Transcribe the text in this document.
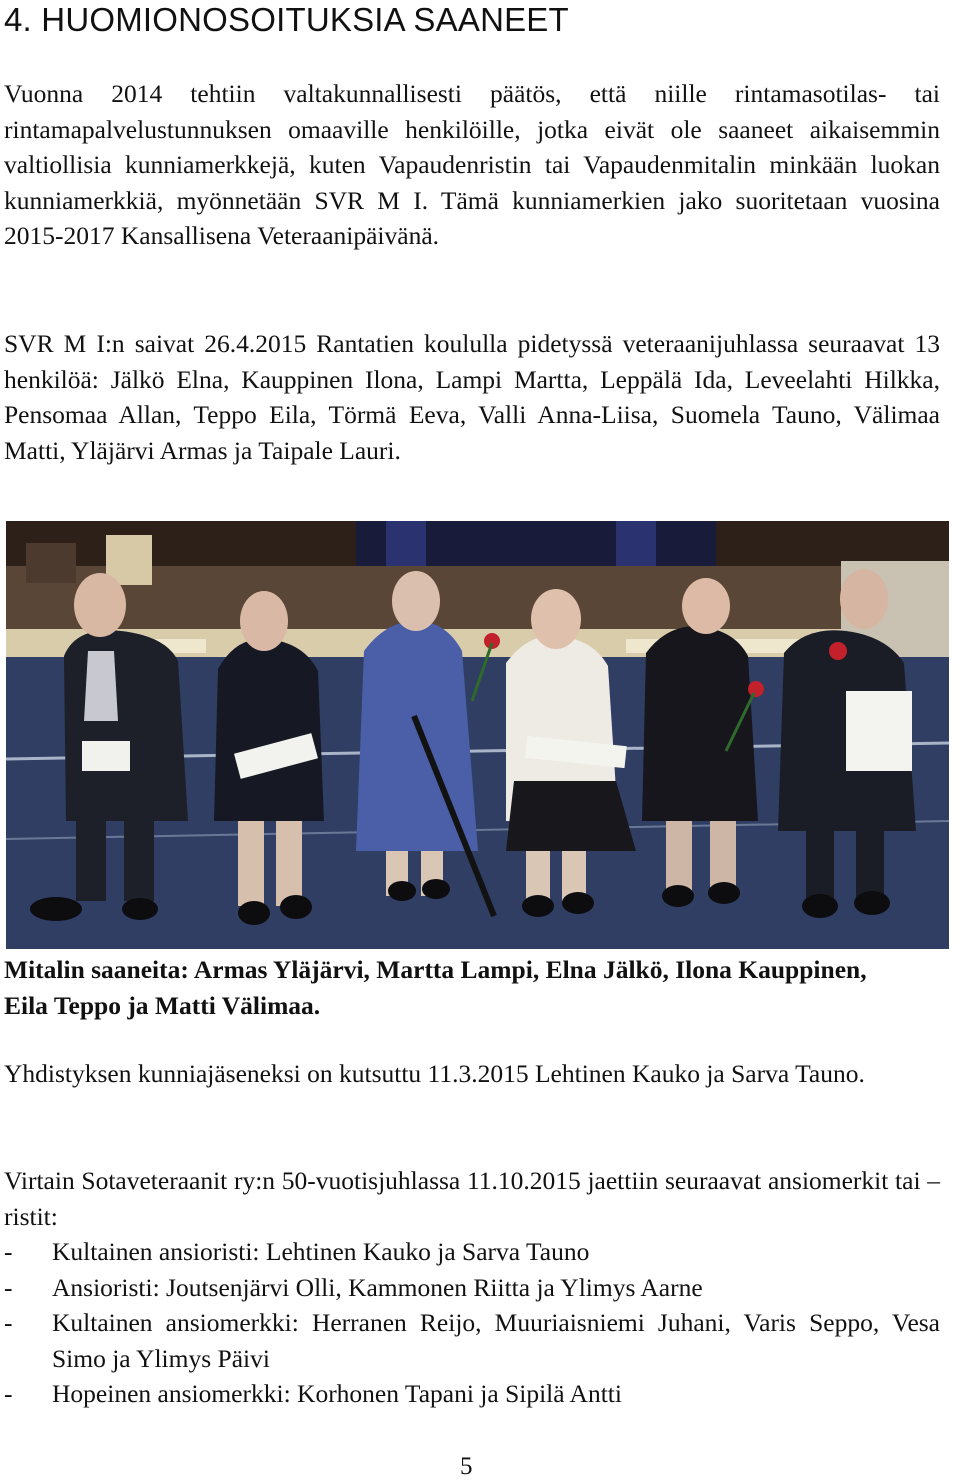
4. HUOMIONOSOITUKSIA SAANEET

Vuonna 2014 tehtiin valtakunnallisesti päätös, että niille rintamasotilas- tai rintamapalvelustunnuksen omaaville henkilöille, jotka eivät ole saaneet aikaisemmin valtiollisia kunniamerkkejä, kuten Vapaudenristin tai Vapaudenmitalin minkään luokan kunniamerkkiä, myönnetään SVR M I. Tämä kunniamerkien jako suoritetaan vuosina 2015-2017 Kansallisena Veteraanipäivänä.

SVR M I:n saivat 26.4.2015 Rantatien koululla pidetyssä veteraanijuhlassa seuraavat 13 henkilöä: Jälkö Elna, Kauppinen Ilona, Lampi Martta, Leppälä Ida, Leveelahti Hilkka, Pensomaa Allan, Teppo Eila, Törmä Eeva, Valli Anna-Liisa, Suomela Tauno, Välimaa Matti, Yläjärvi Armas ja Taipale Lauri.

Mitalin saaneita: Armas Yläjärvi, Martta Lampi, Elna Jälkö, Ilona Kauppinen, Eila Teppo ja Matti Välimaa.

Yhdistyksen kunniajäseneksi on kutsuttu 11.3.2015 Lehtinen Kauko ja Sarva Tauno.

Virtain Sotaveteraanit ry:n 50-vuotisjuhlassa 11.10.2015 jaettiin seuraavat ansiomerkit tai –ristit:

- Kultainen ansioristi: Lehtinen Kauko ja Sarva Tauno
- Ansioristi: Joutsenjärvi Olli, Kammonen Riitta ja Ylimys Aarne
- Kultainen ansiomerkki: Herranen Reijo, Muuriaisniemi Juhani, Varis Seppo, Vesa Simo ja Ylimys Päivi
- Hopeinen ansiomerkki: Korhonen Tapani ja Sipilä Antti

5
